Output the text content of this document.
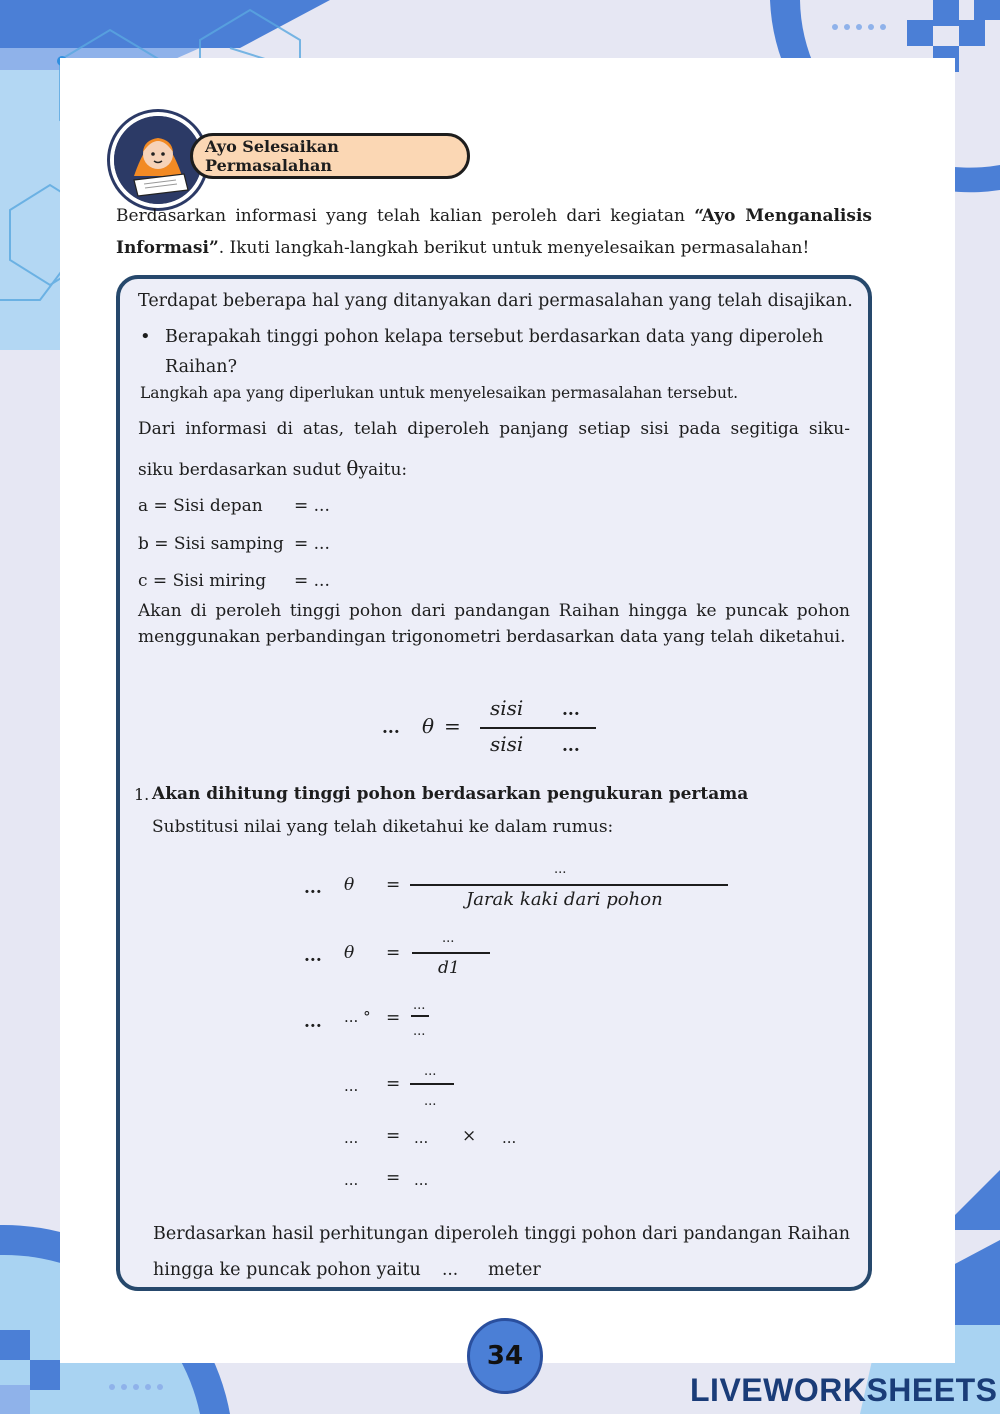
Ayo Selesaikan Permasalahan
Berdasarkan informasi yang telah kalian peroleh dari kegiatan “Ayo Menganalisis Informasi”. Ikuti langkah-langkah berikut untuk menyelesaikan permasalahan!
Terdapat beberapa hal yang ditanyakan dari permasalahan yang telah disajikan.
• Berapakah tinggi pohon kelapa tersebut berdasarkan data yang diperoleh
Raihan?
Langkah apa yang diperlukan untuk menyelesaikan permasalahan tersebut.
Dari informasi di atas, telah diperoleh panjang setiap sisi pada segitiga siku-
siku berdasarkan sudut θyaitu:
a = Sisi depan = ...
b = Sisi samping = ...
c = Sisi miring = ...
Akan di peroleh tinggi pohon dari pandangan Raihan hingga ke puncak pohon menggunakan perbandingan trigonometri berdasarkan data yang telah diketahui.
... θ =
sisi ...
sisi ...
1. Akan dihitung tinggi pohon berdasarkan pengukuran pertama
Substitusi nilai yang telah diketahui ke dalam rumus:
... θ =
...
Jarak kaki dari pohon
... θ =
...
d1
... ... ° =
...
...
... =
...
...
... = ... × ...
... = ...
Berdasarkan hasil perhitungan diperoleh tinggi pohon dari pandangan Raihan
hingga ke puncak pohon yaitu ... meter
34
LIVEWORKSHEETS
